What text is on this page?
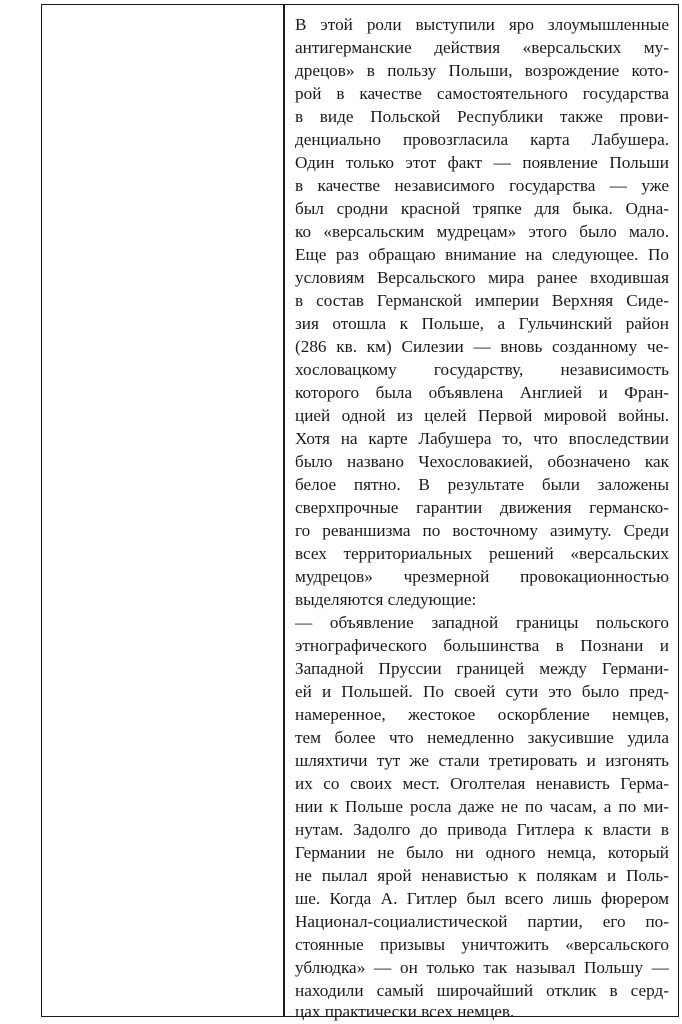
В этой роли выступили яро злоумышленные
антигерманские действия «версальских му-
дрецов» в пользу Польши, возрождение кото-
рой в качестве самостоятельного государства
в виде Польской Республики также прови-
денциально провозгласила карта Лабушера.
Один только этот факт — появление Польши
в качестве независимого государства — уже
был сродни красной тряпке для быка. Одна-
ко «версальским мудрецам» этого было мало.
Еще раз обращаю внимание на следующее. По
условиям Версальского мира ранее входившая
в состав Германской империи Верхняя Сиде-
зия отошла к Польше, а Гульчинский район
(286 кв. км) Силезии — вновь созданному че-
хословацкому государству, независимость
которого была объявлена Англией и Фран-
цией одной из целей Первой мировой войны.
Хотя на карте Лабушера то, что впоследствии
было названо Чехословакией, обозначено как
белое пятно. В результате были заложены
сверхпрочные гарантии движения германско-
го реваншизма по восточному азимуту. Среди
всех территориальных решений «версальских
мудрецов» чрезмерной провокационностью
выделяются следующие:
— объявление западной границы польского
этнографического большинства в Познани и
Западной Пруссии границей между Германи-
ей и Польшей. По своей сути это было пред-
намеренное, жестокое оскорбление немцев,
тем более что немедленно закусившие удила
шляхтичи тут же стали третировать и изгонять
их со своих мест. Оголтелая ненависть Герма-
нии к Польше росла даже не по часам, а по ми-
нутам. Задолго до привода Гитлера к власти в
Германии не было ни одного немца, который
не пылал ярой ненавистью к полякам и Поль-
ше. Когда А. Гитлер был всего лишь фюрером
Национал-социалистической партии, его по-
стоянные призывы уничтожить «версальского
ублюдка» — он только так называл Польшу —
находили самый широчайший отклик в серд-
цах практически всех немцев.
